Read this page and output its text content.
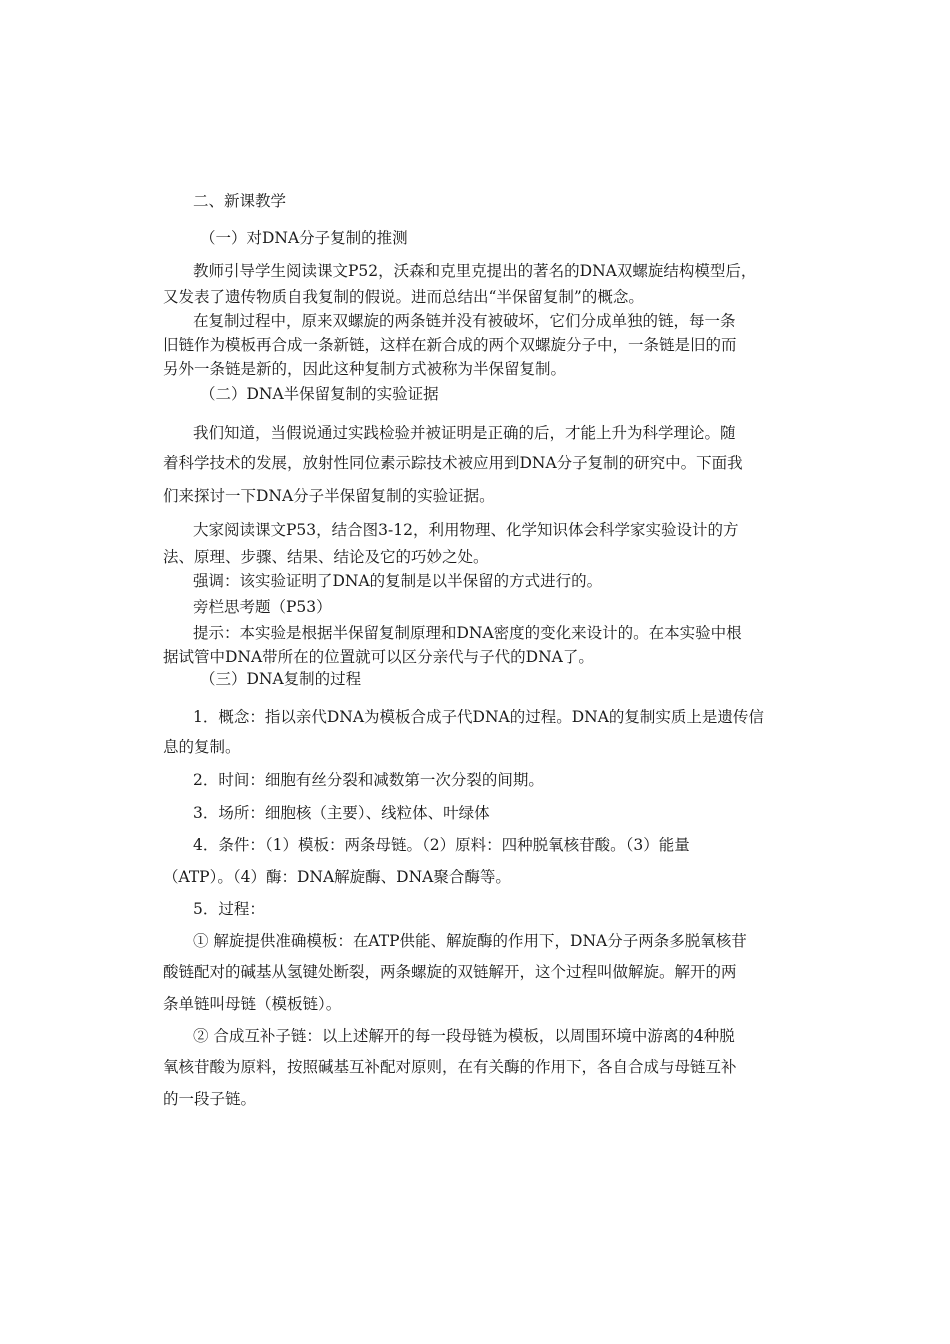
二、新课教学
（一）对DNA分子复制的推测
教师引导学生阅读课文P52，沃森和克里克提出的著名的DNA双螺旋结构模型后，
又发表了遗传物质自我复制的假说。进而总结出“半保留复制”的概念。
在复制过程中，原来双螺旋的两条链并没有被破坏，它们分成单独的链，每一条
旧链作为模板再合成一条新链，这样在新合成的两个双螺旋分子中，一条链是旧的而
另外一条链是新的，因此这种复制方式被称为半保留复制。
（二）DNA半保留复制的实验证据
我们知道，当假说通过实践检验并被证明是正确的后，才能上升为科学理论。随
着科学技术的发展，放射性同位素示踪技术被应用到DNA分子复制的研究中。下面我
们来探讨一下DNA分子半保留复制的实验证据。
大家阅读课文P53，结合图3-12，利用物理、化学知识体会科学家实验设计的方
法、原理、步骤、结果、结论及它的巧妙之处。
强调：该实验证明了DNA的复制是以半保留的方式进行的。
旁栏思考题（P53）
提示：本实验是根据半保留复制原理和DNA密度的变化来设计的。在本实验中根
据试管中DNA带所在的位置就可以区分亲代与子代的DNA了。
（三）DNA复制的过程
1．概念：指以亲代DNA为模板合成子代DNA的过程。DNA的复制实质上是遗传信
息的复制。
2．时间：细胞有丝分裂和减数第一次分裂的间期。
3．场所：细胞核（主要）、线粒体、叶绿体
4．条件：（1）模板：两条母链。（2）原料：四种脱氧核苷酸。（3）能量
（ATP）。（4）酶：DNA解旋酶、DNA聚合酶等。
5．过程：
① 解旋提供准确模板：在ATP供能、解旋酶的作用下，DNA分子两条多脱氧核苷
酸链配对的碱基从氢键处断裂，两条螺旋的双链解开，这个过程叫做解旋。解开的两
条单链叫母链（模板链）。
② 合成互补子链：以上述解开的每一段母链为模板，以周围环境中游离的4种脱
氧核苷酸为原料，按照碱基互补配对原则，在有关酶的作用下，各自合成与母链互补
的一段子链。
